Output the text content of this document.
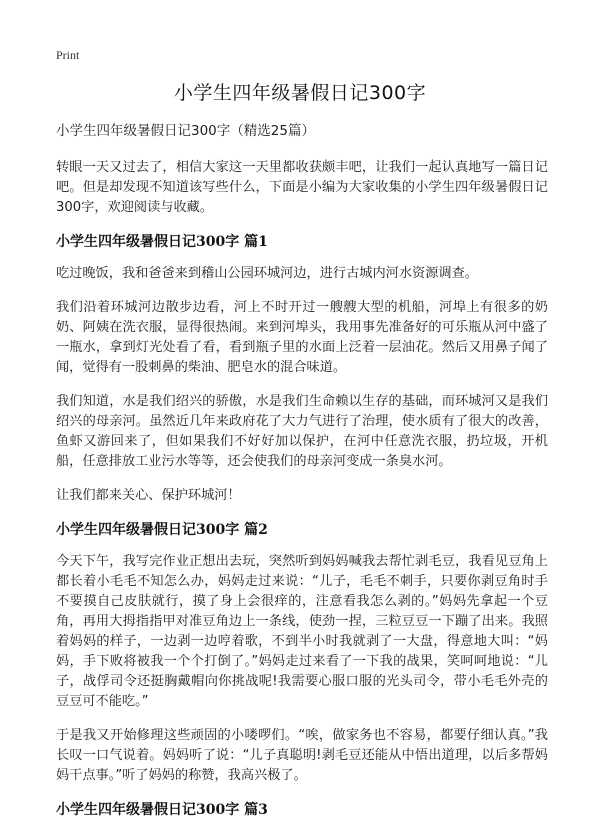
Print
小学生四年级暑假日记300字
小学生四年级暑假日记300字（精选25篇）

转眼一天又过去了，相信大家这一天里都收获颇丰吧，让我们一起认真地写一篇日记吧。但是却发现不知道该写些什么，下面是小编为大家收集的小学生四年级暑假日记300字，欢迎阅读与收藏。

小学生四年级暑假日记300字 篇1

吃过晚饭，我和爸爸来到稽山公园环城河边，进行古城内河水资源调查。

我们沿着环城河边散步边看，河上不时开过一艘艘大型的机船，河埠上有很多的奶奶、阿姨在洗衣服，显得很热闹。来到河埠头，我用事先准备好的可乐瓶从河中盛了一瓶水，拿到灯光处看了看，看到瓶子里的水面上泛着一层油花。然后又用鼻子闻了闻，觉得有一股刺鼻的柴油、肥皂水的混合味道。

我们知道，水是我们绍兴的骄傲，水是我们生命赖以生存的基础，而环城河又是我们绍兴的母亲河。虽然近几年来政府花了大力气进行了治理，使水质有了很大的改善，鱼虾又游回来了，但如果我们不好好加以保护，在河中任意洗衣服，扔垃圾，开机船，任意排放工业污水等等，还会使我们的母亲河变成一条臭水河。

让我们都来关心、保护环城河！

小学生四年级暑假日记300字 篇2

今天下午，我写完作业正想出去玩，突然听到妈妈喊我去帮忙剥毛豆，我看见豆角上都长着小毛毛不知怎么办，妈妈走过来说：“儿子，毛毛不刺手，只要你剥豆角时手不要摸自己皮肤就行，摸了身上会很痒的，注意看我怎么剥的。”妈妈先拿起一个豆角，再用大拇指指甲对准豆角边上一条线，使劲一捏，三粒豆豆一下蹦了出来。我照着妈妈的样子，一边剥一边哼着歌，不到半小时我就剥了一大盘，得意地大叫：“妈妈，手下败将被我一个个打倒了。”妈妈走过来看了一下我的战果，笑呵呵地说：“儿子，战俘司令还挺胸戴帽向你挑战呢!我需要心服口服的光头司令，带小毛毛外壳的豆豆可不能吃。”

于是我又开始修理这些顽固的小喽啰们。“唉，做家务也不容易，都要仔细认真。”我长叹一口气说着。妈妈听了说：“儿子真聪明!剥毛豆还能从中悟出道理，以后多帮妈妈干点事。”听了妈妈的称赞，我高兴极了。

小学生四年级暑假日记300字 篇3
